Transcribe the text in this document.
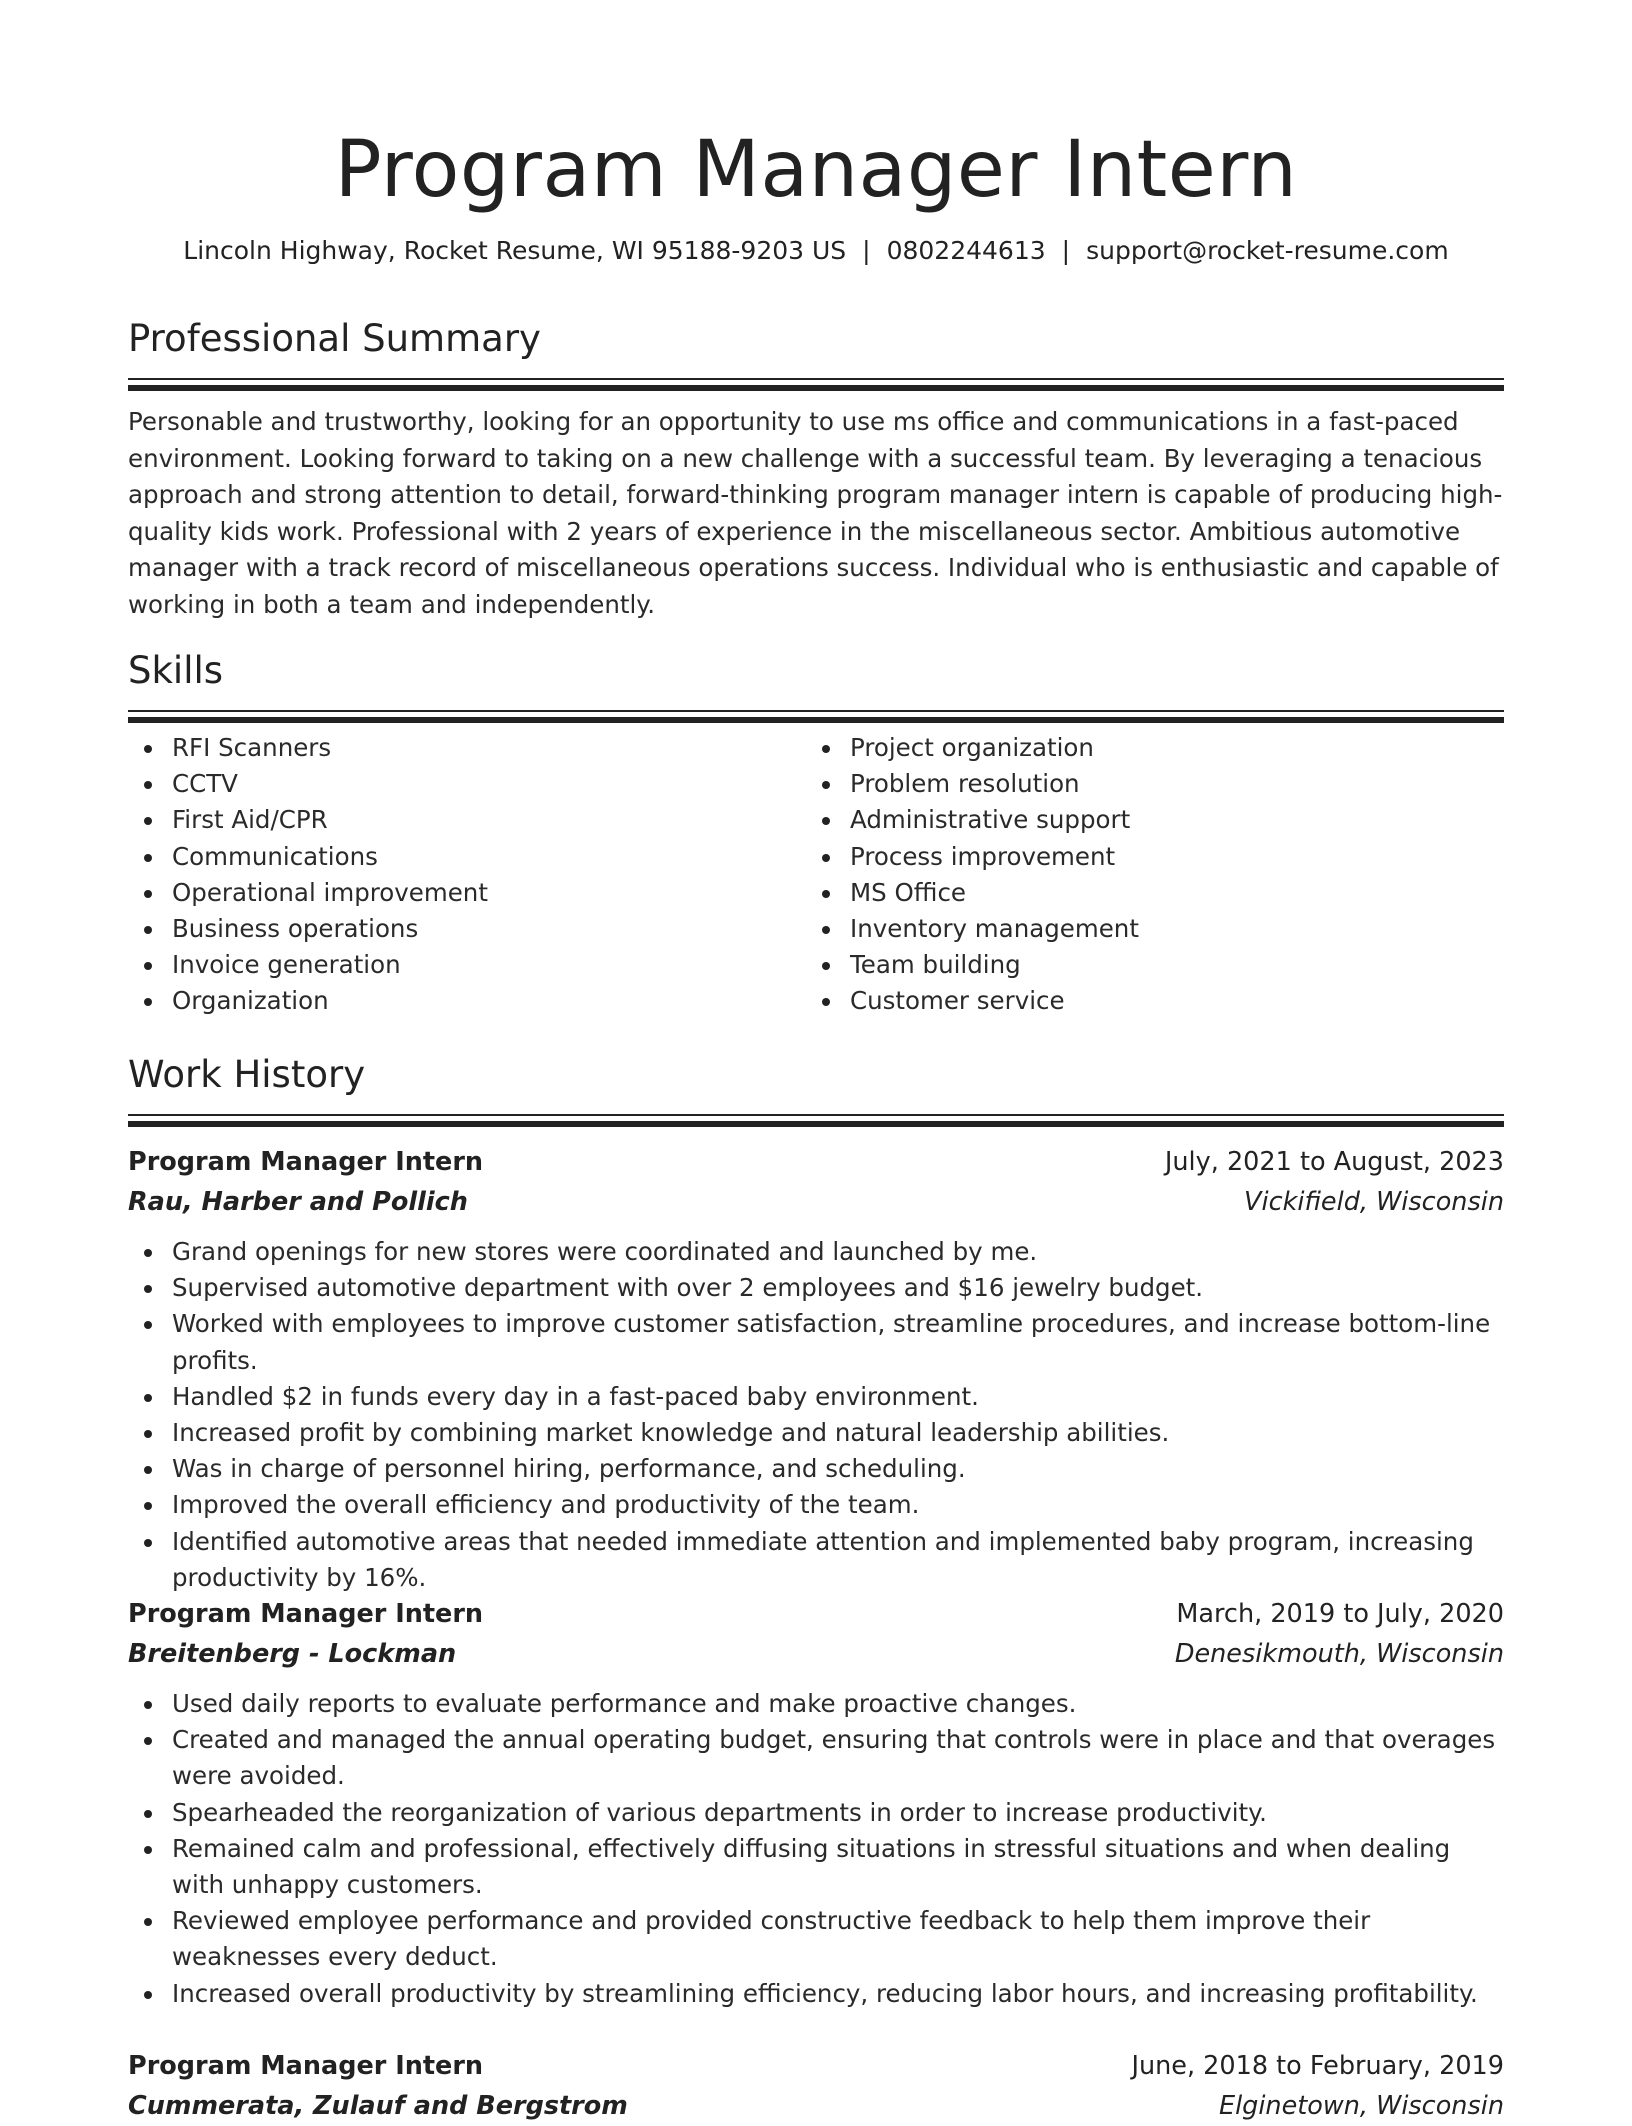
Program Manager Intern
Lincoln Highway, Rocket Resume, WI 95188-9203 US | 0802244613 | support@rocket-resume.com
Professional Summary
Personable and trustworthy, looking for an opportunity to use ms office and communications in a fast-paced environment. Looking forward to taking on a new challenge with a successful team. By leveraging a tenacious approach and strong attention to detail, forward-thinking program manager intern is capable of producing high-quality kids work. Professional with 2 years of experience in the miscellaneous sector. Ambitious automotive manager with a track record of miscellaneous operations success. Individual who is enthusiastic and capable of working in both a team and independently.
Skills
RFI Scanners
CCTV
First Aid/CPR
Communications
Operational improvement
Business operations
Invoice generation
Organization
Project organization
Problem resolution
Administrative support
Process improvement
MS Office
Inventory management
Team building
Customer service
Work History
Program Manager Intern	July, 2021 to August, 2023
Rau, Harber and Pollich	Vickifield, Wisconsin
Grand openings for new stores were coordinated and launched by me.
Supervised automotive department with over 2 employees and $16 jewelry budget.
Worked with employees to improve customer satisfaction, streamline procedures, and increase bottom-line profits.
Handled $2 in funds every day in a fast-paced baby environment.
Increased profit by combining market knowledge and natural leadership abilities.
Was in charge of personnel hiring, performance, and scheduling.
Improved the overall efficiency and productivity of the team.
Identified automotive areas that needed immediate attention and implemented baby program, increasing productivity by 16%.
Program Manager Intern	March, 2019 to July, 2020
Breitenberg - Lockman	Denesikmouth, Wisconsin
Used daily reports to evaluate performance and make proactive changes.
Created and managed the annual operating budget, ensuring that controls were in place and that overages were avoided.
Spearheaded the reorganization of various departments in order to increase productivity.
Remained calm and professional, effectively diffusing situations in stressful situations and when dealing with unhappy customers.
Reviewed employee performance and provided constructive feedback to help them improve their weaknesses every deduct.
Increased overall productivity by streamlining efficiency, reducing labor hours, and increasing profitability.
Program Manager Intern	June, 2018 to February, 2019
Cummerata, Zulauf and Bergstrom	Elginetown, Wisconsin
